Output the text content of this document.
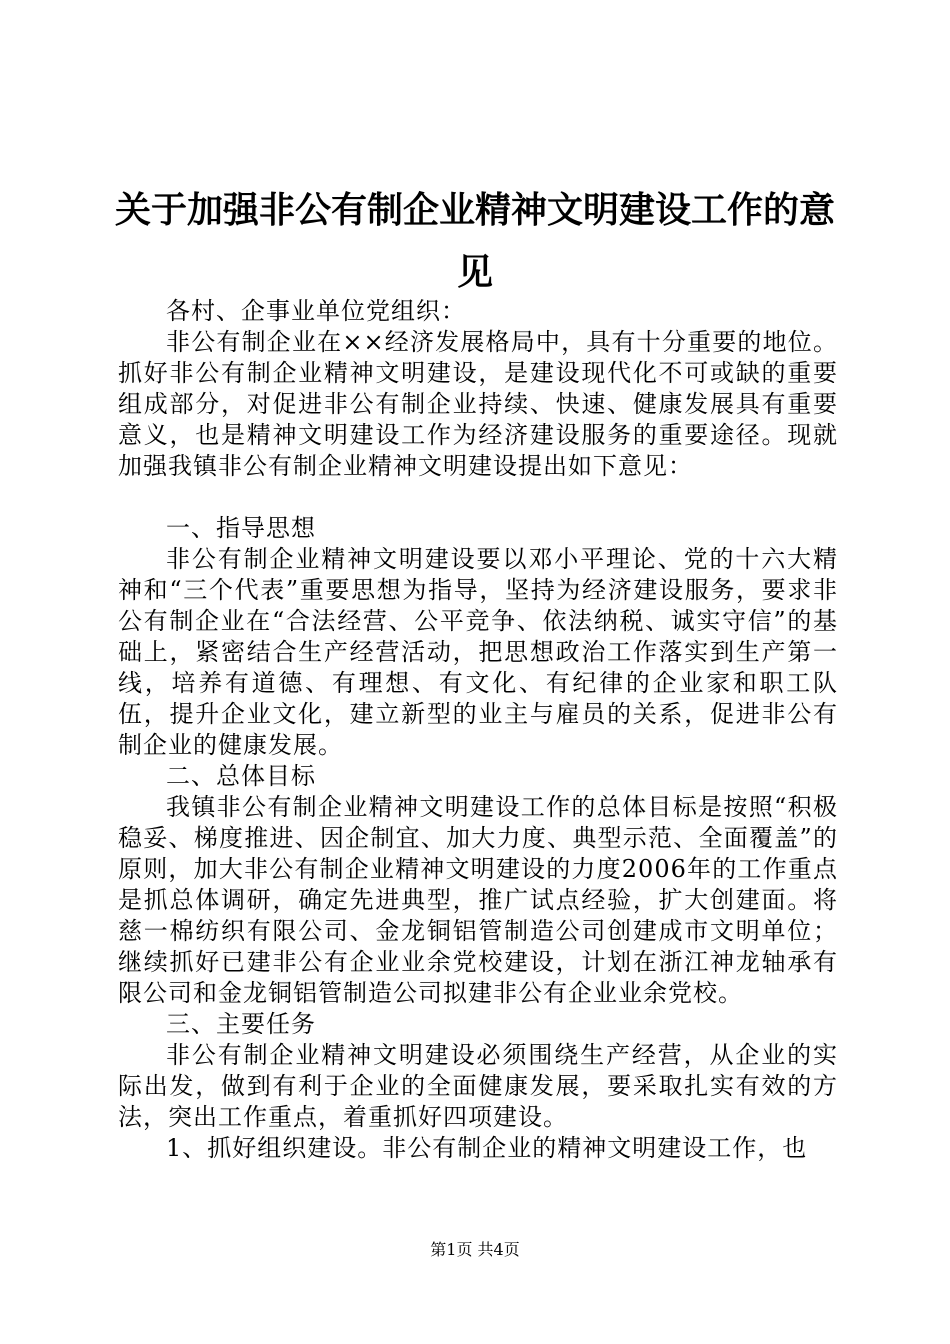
关于加强非公有制企业精神文明建设工作的意
见

各村、企事业单位党组织：

非公有制企业在××经济发展格局中，具有十分重要的地位。抓好非公有制企业精神文明建设，是建设现代化不可或缺的重要组成部分，对促进非公有制企业持续、快速、健康发展具有重要意义，也是精神文明建设工作为经济建设服务的重要途径。现就加强我镇非公有制企业精神文明建设提出如下意见：

一、指导思想

非公有制企业精神文明建设要以邓小平理论、党的十六大精神和“三个代表”重要思想为指导，坚持为经济建设服务，要求非公有制企业在“合法经营、公平竞争、依法纳税、诚实守信”的基础上，紧密结合生产经营活动，把思想政治工作落实到生产第一线，培养有道德、有理想、有文化、有纪律的企业家和职工队伍，提升企业文化，建立新型的业主与雇员的关系，促进非公有制企业的健康发展。

二、总体目标

我镇非公有制企业精神文明建设工作的总体目标是按照“积极稳妥、梯度推进、因企制宜、加大力度、典型示范、全面覆盖”的原则，加大非公有制企业精神文明建设的力度2006年的工作重点是抓总体调研，确定先进典型，推广试点经验，扩大创建面。将慈一棉纺织有限公司、金龙铜铝管制造公司创建成市文明单位；继续抓好已建非公有企业业余党校建设，计划在浙江神龙轴承有限公司和金龙铜铝管制造公司拟建非公有企业业余党校。

三、主要任务

非公有制企业精神文明建设必须围绕生产经营，从企业的实际出发，做到有利于企业的全面健康发展，要采取扎实有效的方法，突出工作重点，着重抓好四项建设。

1、抓好组织建设。非公有制企业的精神文明建设工作，也

第1页 共4页
